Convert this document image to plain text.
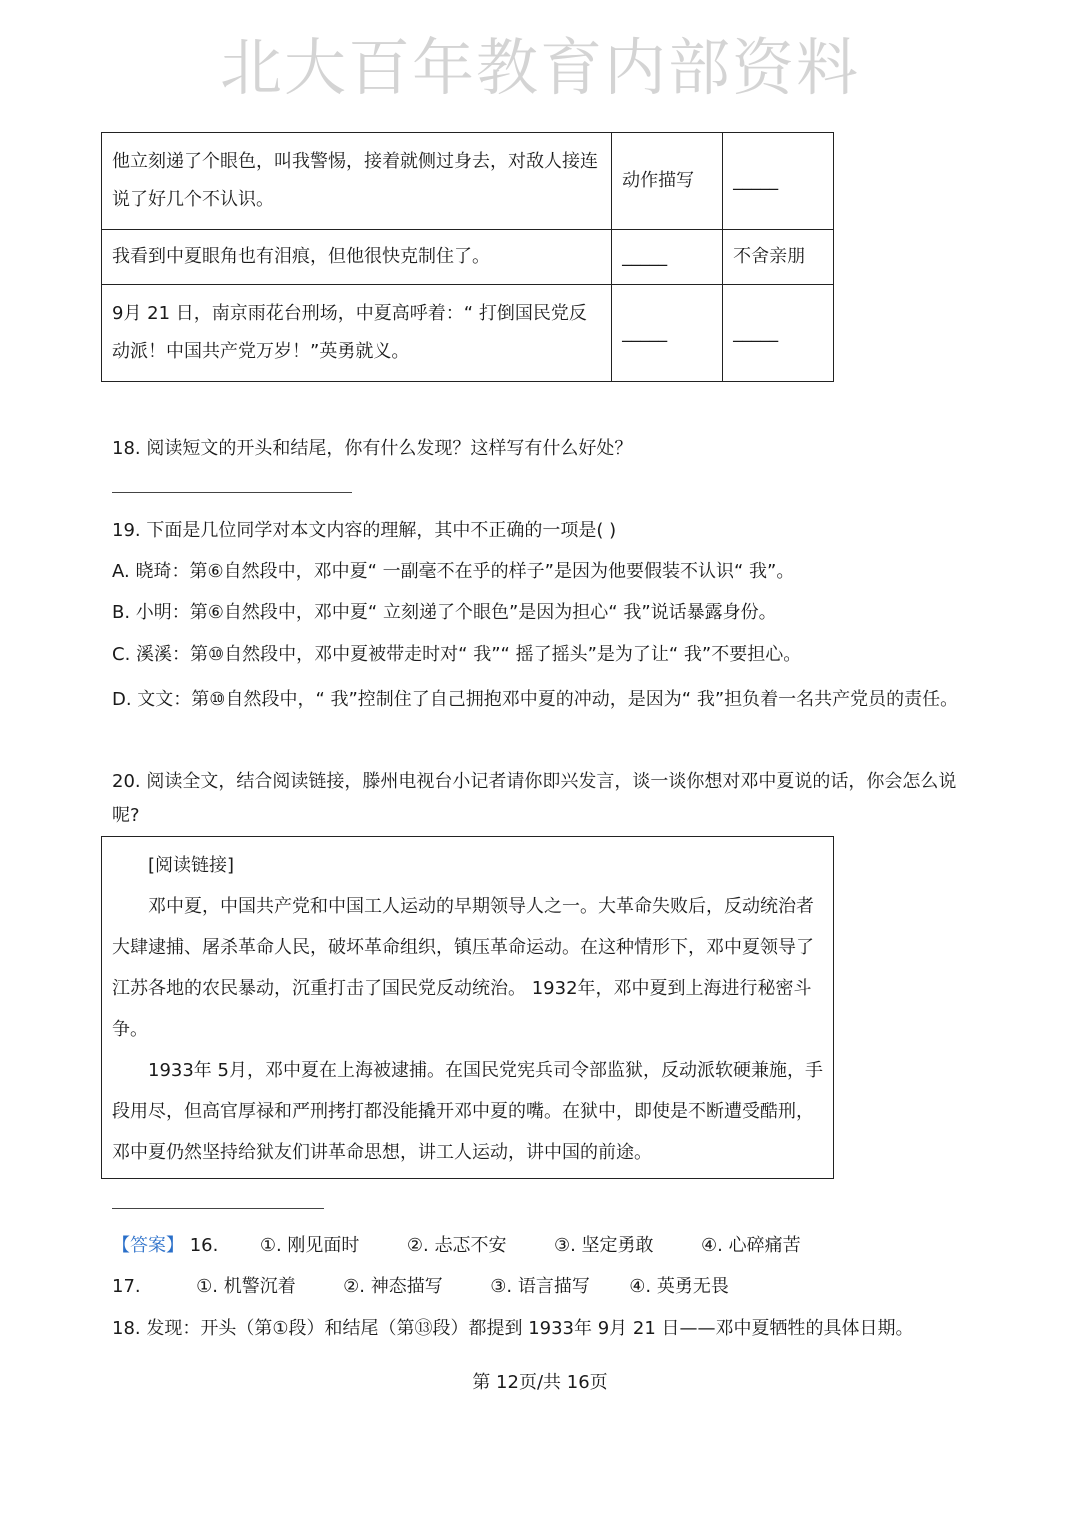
北大百年教育内部资料
他立刻递了个眼色，叫我警惕，接着就侧过身去，对敌人接连说了好几个不认识。	动作描写	_____
我看到中夏眼角也有泪痕，但他很快克制住了。	_____	不舍亲朋
9月 21 日，南京雨花台刑场，中夏高呼着：“ 打倒国民党反动派！中国共产党万岁！”英勇就义。	_____	_____
18. 阅读短文的开头和结尾，你有什么发现？这样写有什么好处？
19. 下面是几位同学对本文内容的理解，其中不正确的一项是( )
A. 晓琦：第⑥自然段中，邓中夏“ 一副毫不在乎的样子”是因为他要假装不认识“ 我”。
B. 小明：第⑥自然段中，邓中夏“ 立刻递了个眼色”是因为担心“ 我”说话暴露身份。
C. 溪溪：第⑩自然段中，邓中夏被带走时对“ 我”“ 摇了摇头”是为了让“ 我”不要担心。
D. 文文：第⑩自然段中，“ 我”控制住了自己拥抱邓中夏的冲动，是因为“ 我”担负着一名共产党员的责任。
20. 阅读全文，结合阅读链接，滕州电视台小记者请你即兴发言，谈一谈你想对邓中夏说的话，你会怎么说呢?

[阅读链接]

邓中夏，中国共产党和中国工人运动的早期领导人之一。大革命失败后，反动统治者大肆逮捕、屠杀革命人民，破坏革命组织，镇压革命运动。在这种情形下，邓中夏领导了江苏各地的农民暴动，沉重打击了国民党反动统治。 1932年，邓中夏到上海进行秘密斗争。

1933年 5月，邓中夏在上海被逮捕。在国民党宪兵司令部监狱，反动派软硬兼施，手段用尽，但高官厚禄和严刑拷打都没能撬开邓中夏的嘴。在狱中，即使是不断遭受酷刑，邓中夏仍然坚持给狱友们讲革命思想，讲工人运动，讲中国的前途。

【答案】 16. ①. 刚见面时	②. 忐忑不安	③. 坚定勇敢	④. 心碎痛苦
17.	①. 机警沉着	②. 神态描写	③. 语言描写 ④. 英勇无畏
18. 发现：开头（第①段）和结尾（第⑬段）都提到 1933年 9月 21 日——邓中夏牺牲的具体日期。
第 12页/共 16页
